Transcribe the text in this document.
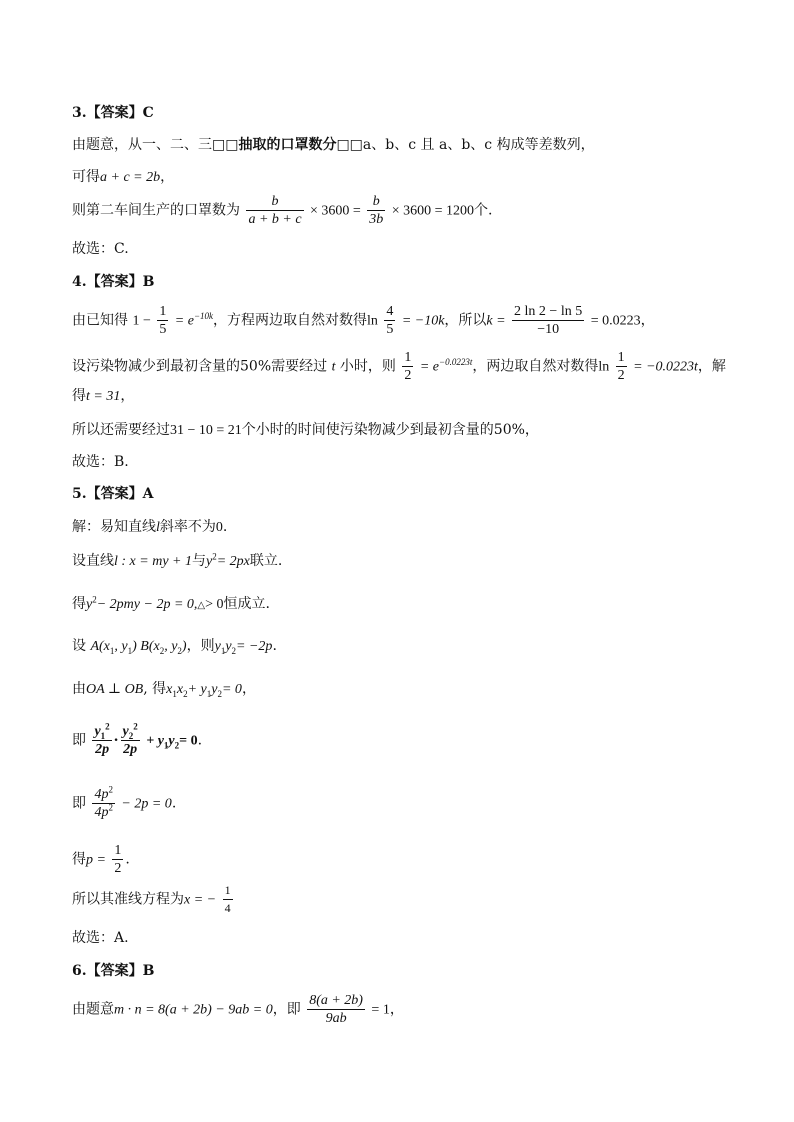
3.【答案】C
由题意，从一、二、三□□抽取的口罩数分□□a、b、c 且 a、b、c 构成等差数列，
可得a + c = 2b，
则第二车间生产的口罩数为 $\frac{b}{a + b + c} \times 3600 = \frac{b}{3b} \times 3600 = 1200$个.
故选：C.
4.【答案】B
由已知得 $1 - \frac{1}{5} = e^{-10k}$，方程两边取自然对数得$\ln \frac{4}{5} = -10k$，所以$k = \frac{2 \ln 2 - \ln 5}{-10} = 0.0223$，
设污染物减少到最初含量的50%需要经过 t 小时，则 $\frac{1}{2} = e^{-0.0223t}$，两边取自然对数得$\ln \frac{1}{2} = -0.0223t$，解
得t = 31，
所以还需要经过31 − 10 = 21个小时的时间使污染物减少到最初含量的50%，
故选：B.
5.【答案】A
解：易知直线l斜率不为0.
设直线l : x = my + 1与$y^2= 2px$联立.
得$y^2- 2pmy - 2p$ = 0,△> 0恒成立.
设 $A(x_1$, $y_1$) $B(x_2$, $y_2$)，则$y_1y_2= -2p$.
由OA ⊥ OB, 得$x_1x_2+ y_1y_2= 0$，
即 $\frac{y_1^2}{2p} \cdot \frac{y_2^2}{2p} + y_1y_2= 0$.
即 $\frac{4p^2}{4p^2} - 2p = 0$.
得$p = \frac{1}{2}$ .
所以其准线方程为x = − $\frac{1}{4}$
故选：A.
6.【答案】B
由题意m · n = 8(a + 2b) − 9ab = 0，即 $\frac{8(a + 2b)}{9ab} = 1$，
